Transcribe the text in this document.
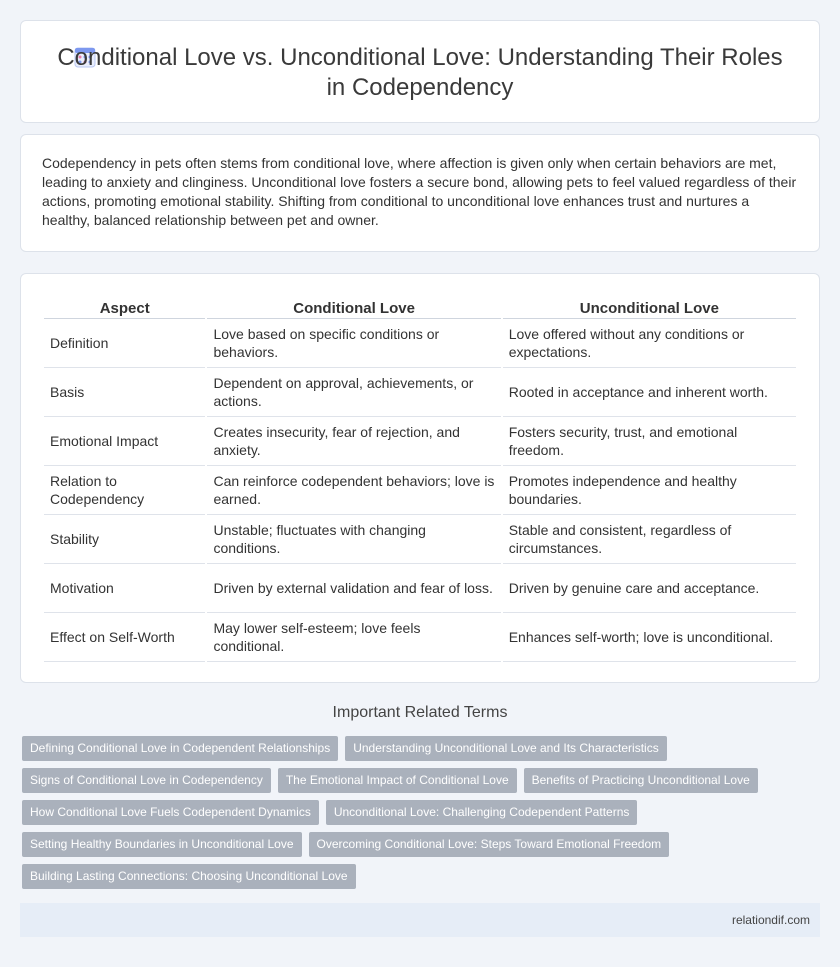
Conditional Love vs. Unconditional Love: Understanding Their Roles in Codependency

Codependency in pets often stems from conditional love, where affection is given only when certain behaviors are met, leading to anxiety and clinginess. Unconditional love fosters a secure bond, allowing pets to feel valued regardless of their actions, promoting emotional stability. Shifting from conditional to unconditional love enhances trust and nurtures a healthy, balanced relationship between pet and owner.

Aspect	Conditional Love	Unconditional Love
Definition	Love based on specific conditions or behaviors.	Love offered without any conditions or expectations.
Basis	Dependent on approval, achievements, or actions.	Rooted in acceptance and inherent worth.
Emotional Impact	Creates insecurity, fear of rejection, and anxiety.	Fosters security, trust, and emotional freedom.
Relation to Codependency	Can reinforce codependent behaviors; love is earned.	Promotes independence and healthy boundaries.
Stability	Unstable; fluctuates with changing conditions.	Stable and consistent, regardless of circumstances.
Motivation	Driven by external validation and fear of loss.	Driven by genuine care and acceptance.
Effect on Self-Worth	May lower self-esteem; love feels conditional.	Enhances self-worth; love is unconditional.
Important Related Terms
Defining Conditional Love in Codependent Relationships	Understanding Unconditional Love and Its Characteristics
Signs of Conditional Love in Codependency	The Emotional Impact of Conditional Love	Benefits of Practicing Unconditional Love
How Conditional Love Fuels Codependent Dynamics	Unconditional Love: Challenging Codependent Patterns
Setting Healthy Boundaries in Unconditional Love	Overcoming Conditional Love: Steps Toward Emotional Freedom
Building Lasting Connections: Choosing Unconditional Love
relationdif.com
